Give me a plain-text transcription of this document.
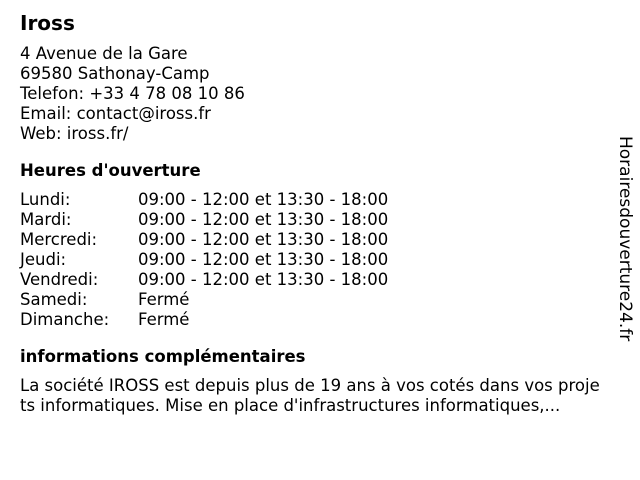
Iross
4 Avenue de la Gare
69580 Sathonay-Camp
Telefon: +33 4 78 08 10 86
Email: contact@iross.fr
Web: iross.fr/
Heures d'ouverture
Lundi:	09:00 - 12:00 et 13:30 - 18:00
Mardi:	09:00 - 12:00 et 13:30 - 18:00
Mercredi:	09:00 - 12:00 et 13:30 - 18:00
Jeudi:	09:00 - 12:00 et 13:30 - 18:00
Vendredi:	09:00 - 12:00 et 13:30 - 18:00
Samedi:	Fermé
Dimanche:	Fermé
informations complémentaires
La société IROSS est depuis plus de 19 ans à vos cotés dans vos projets informatiques. Mise en place d'infrastructures informatiques,...
Horairesdouverture24.fr
